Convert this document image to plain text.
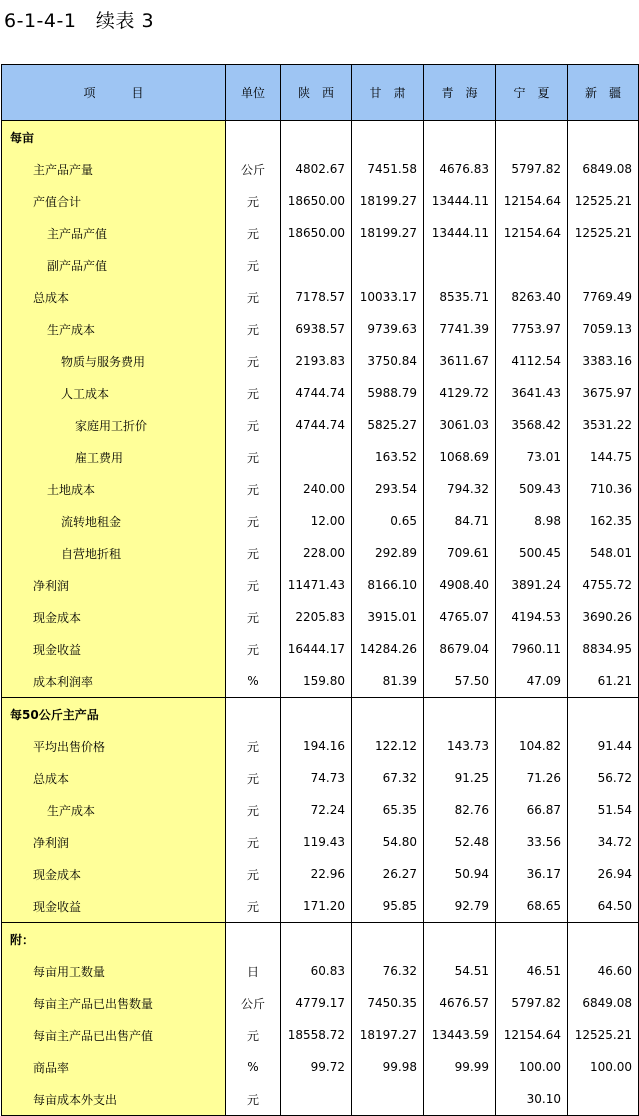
6-1-4-1　续表 3
项　　　目	单位	陕　西	甘　肃	青　海	宁　夏	新　疆
每亩						
主产品产量	公斤	4802.67	7451.58	4676.83	5797.82	6849.08
产值合计	元	18650.00	18199.27	13444.11	12154.64	12525.21
主产品产值	元	18650.00	18199.27	13444.11	12154.64	12525.21
副产品产值	元					
总成本	元	7178.57	10033.17	8535.71	8263.40	7769.49
生产成本	元	6938.57	9739.63	7741.39	7753.97	7059.13
物质与服务费用	元	2193.83	3750.84	3611.67	4112.54	3383.16
人工成本	元	4744.74	5988.79	4129.72	3641.43	3675.97
家庭用工折价	元	4744.74	5825.27	3061.03	3568.42	3531.22
雇工费用	元		163.52	1068.69	73.01	144.75
土地成本	元	240.00	293.54	794.32	509.43	710.36
流转地租金	元	12.00	0.65	84.71	8.98	162.35
自营地折租	元	228.00	292.89	709.61	500.45	548.01
净利润	元	11471.43	8166.10	4908.40	3891.24	4755.72
现金成本	元	2205.83	3915.01	4765.07	4194.53	3690.26
现金收益	元	16444.17	14284.26	8679.04	7960.11	8834.95
成本利润率	%	159.80	81.39	57.50	47.09	61.21
每50公斤主产品						
平均出售价格	元	194.16	122.12	143.73	104.82	91.44
总成本	元	74.73	67.32	91.25	71.26	56.72
生产成本	元	72.24	65.35	82.76	66.87	51.54
净利润	元	119.43	54.80	52.48	33.56	34.72
现金成本	元	22.96	26.27	50.94	36.17	26.94
现金收益	元	171.20	95.85	92.79	68.65	64.50
附：						
每亩用工数量	日	60.83	76.32	54.51	46.51	46.60
每亩主产品已出售数量	公斤	4779.17	7450.35	4676.57	5797.82	6849.08
每亩主产品已出售产值	元	18558.72	18197.27	13443.59	12154.64	12525.21
商品率	%	99.72	99.98	99.99	100.00	100.00
每亩成本外支出	元				30.10	
